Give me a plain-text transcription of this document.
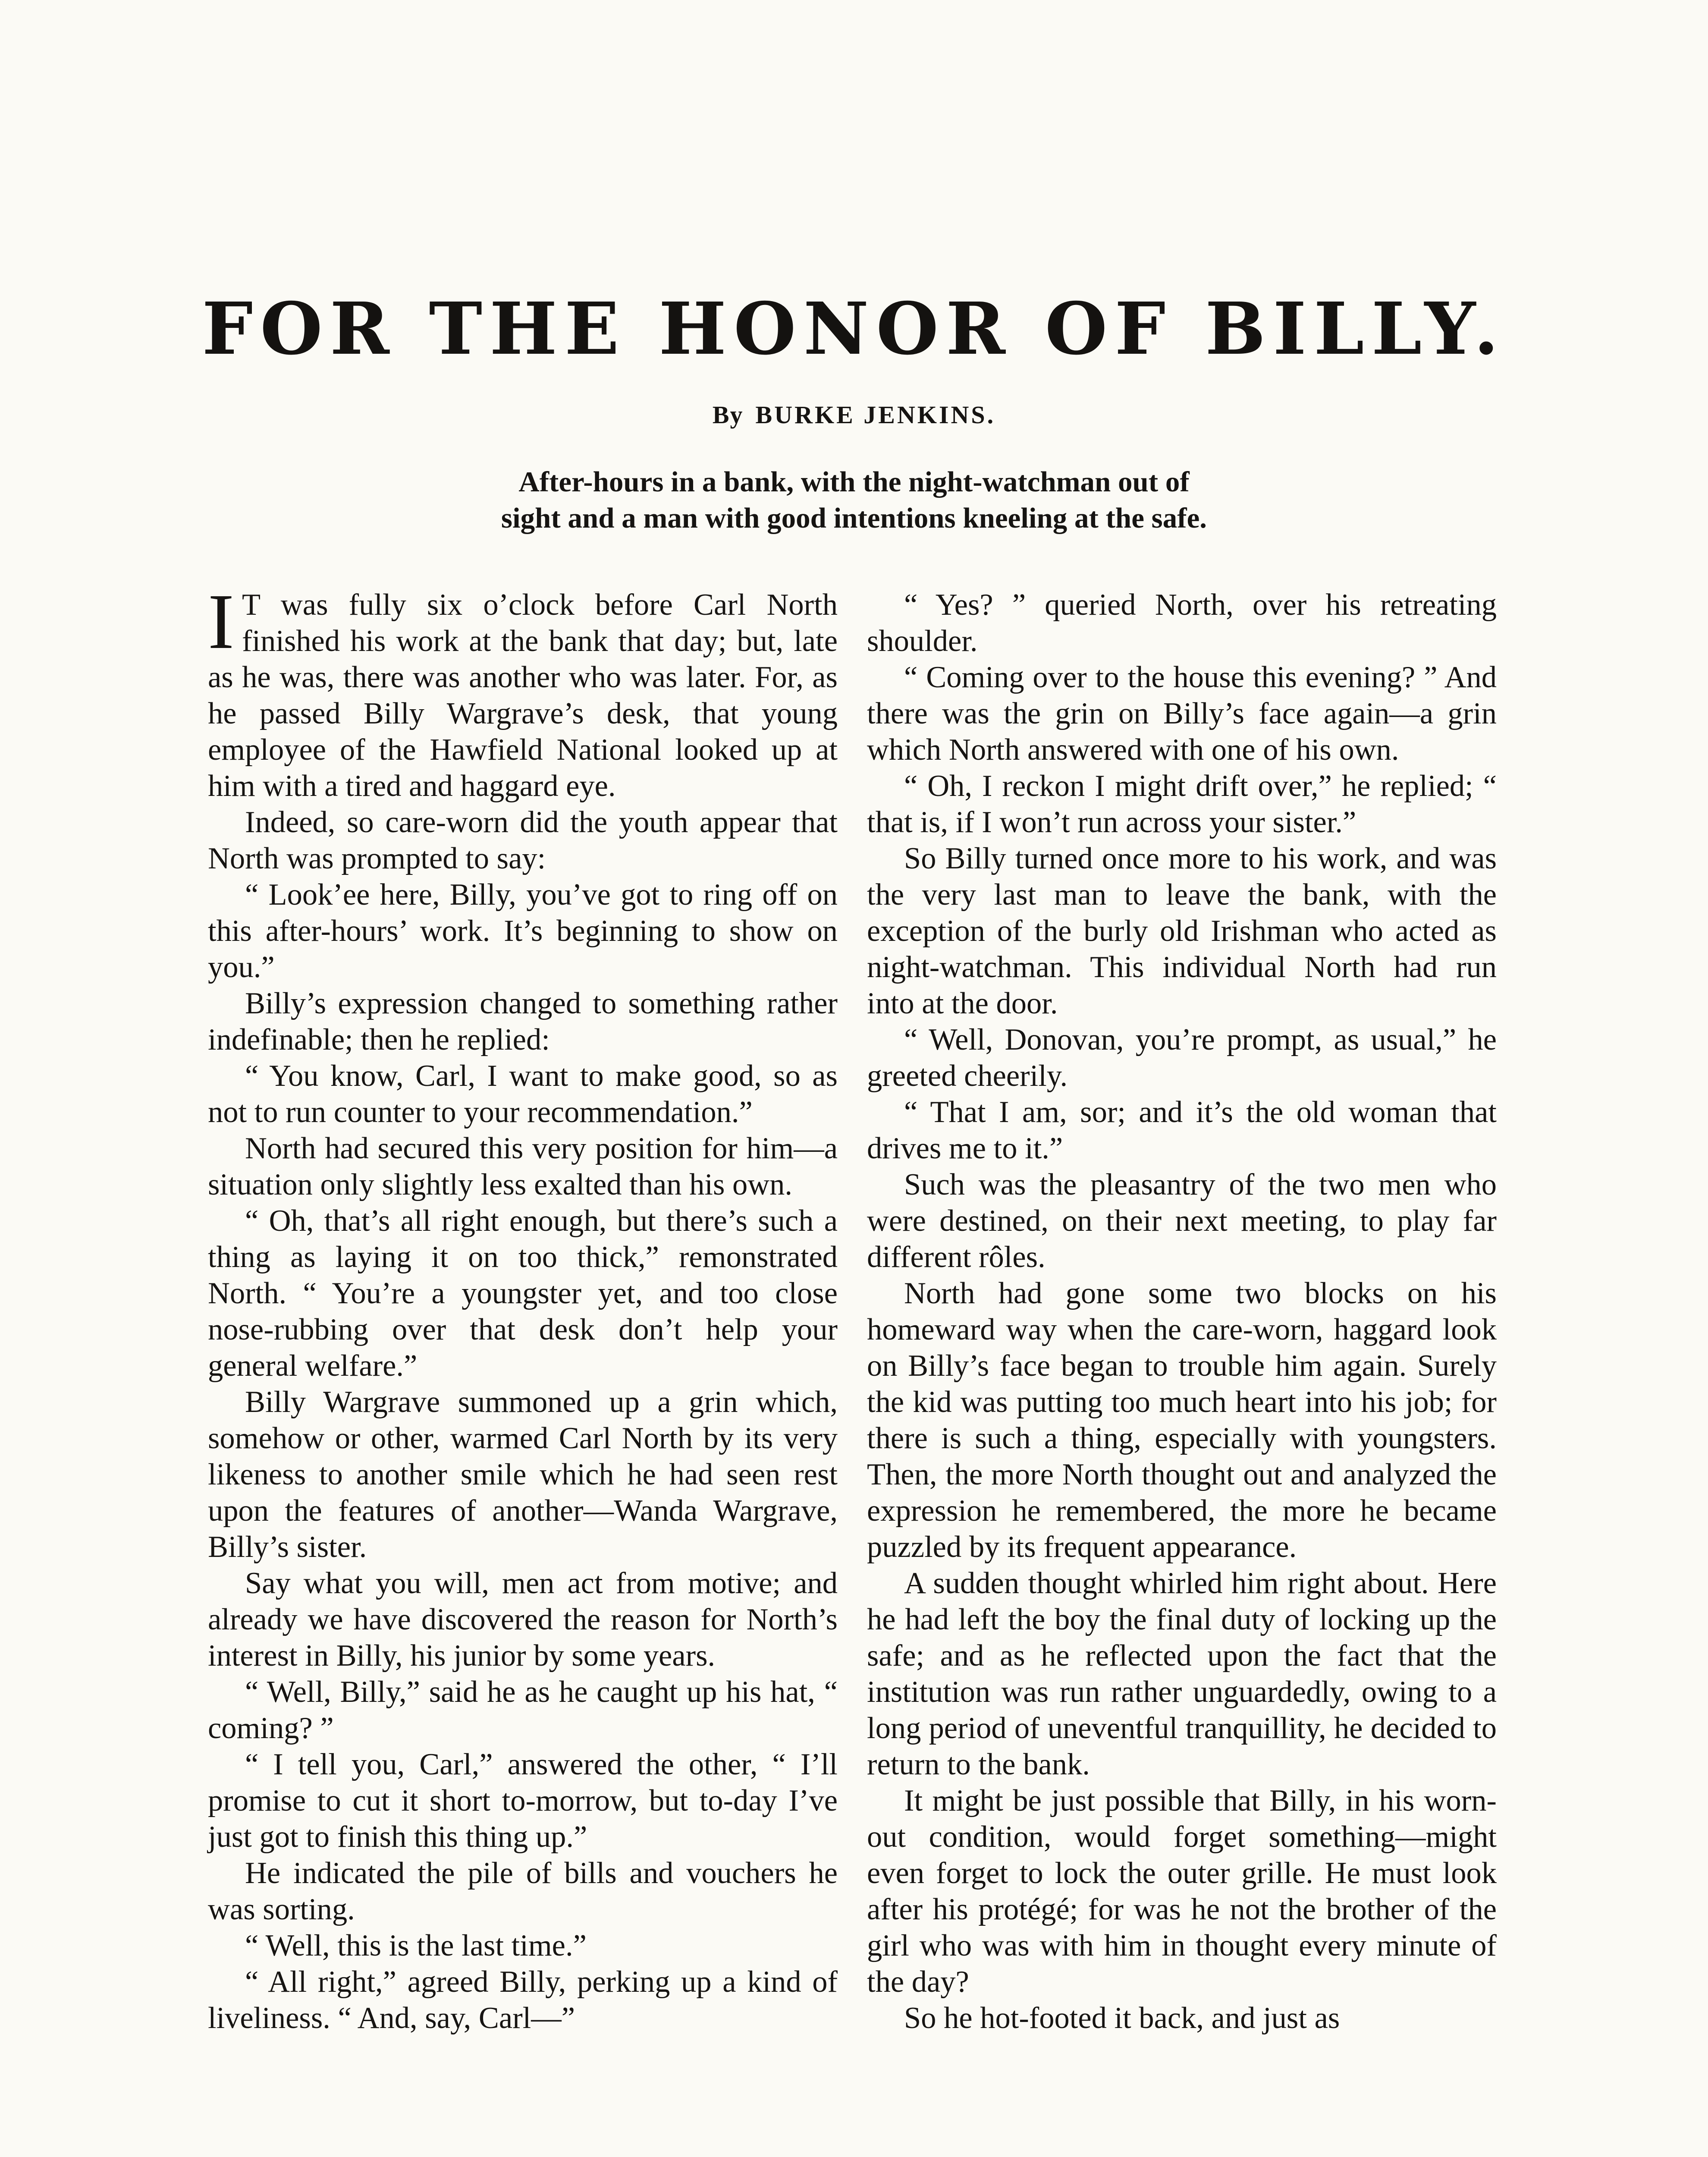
FOR THE HONOR OF BILLY.
By BURKE JENKINS.
After-hours in a bank, with the night-watchman out of
sight and a man with good intentions kneeling at the safe.

I T was fully six o’clock before Carl North finished his work at the bank that day; but, late as he was, there was another who was later. For, as he passed Billy Wargrave’s desk, that young employee of the Hawfield National looked up at him with a tired and haggard eye.

Indeed, so care-worn did the youth appear that North was prompted to say:

“ Look’ee here, Billy, you’ve got to ring off on this after-hours’ work. It’s beginning to show on you.”

Billy’s expression changed to something rather indefinable; then he replied:

“ You know, Carl, I want to make good, so as not to run counter to your recommendation.”

North had secured this very position for him—a situation only slightly less exalted than his own.

“ Oh, that’s all right enough, but there’s such a thing as laying it on too thick,” remonstrated North. “ You’re a youngster yet, and too close nose-rubbing over that desk don’t help your general welfare.”

Billy Wargrave summoned up a grin which, somehow or other, warmed Carl North by its very likeness to another smile which he had seen rest upon the features of another—Wanda Wargrave, Billy’s sister.

Say what you will, men act from motive; and already we have discovered the reason for North’s interest in Billy, his junior by some years.

“ Well, Billy,” said he as he caught up his hat, “ coming? ”

“ I tell you, Carl,” answered the other, “ I’ll promise to cut it short to-morrow, but to-day I’ve just got to finish this thing up.”

He indicated the pile of bills and vouchers he was sorting.

“ Well, this is the last time.”

“ All right,” agreed Billy, perking up a kind of liveliness. “ And, say, Carl—”

“ Yes? ” queried North, over his retreating shoulder.

“ Coming over to the house this evening? ” And there was the grin on Billy’s face again—a grin which North answered with one of his own.

“ Oh, I reckon I might drift over,” he replied; “ that is, if I won’t run across your sister.”

So Billy turned once more to his work, and was the very last man to leave the bank, with the exception of the burly old Irishman who acted as night-watchman. This individual North had run into at the door.

“ Well, Donovan, you’re prompt, as usual,” he greeted cheerily.

“ That I am, sor; and it’s the old woman that drives me to it.”

Such was the pleasantry of the two men who were destined, on their next meeting, to play far different rôles.

North had gone some two blocks on his homeward way when the care-worn, haggard look on Billy’s face began to trouble him again. Surely the kid was putting too much heart into his job; for there is such a thing, especially with youngsters. Then, the more North thought out and analyzed the expression he remembered, the more he became puzzled by its frequent appearance.

A sudden thought whirled him right about. Here he had left the boy the final duty of locking up the safe; and as he reflected upon the fact that the institution was run rather unguardedly, owing to a long period of uneventful tranquillity, he decided to return to the bank.

It might be just possible that Billy, in his worn-out condition, would forget something—might even forget to lock the outer grille. He must look after his protégé; for was he not the brother of the girl who was with him in thought every minute of the day?

So he hot-footed it back, and just as
